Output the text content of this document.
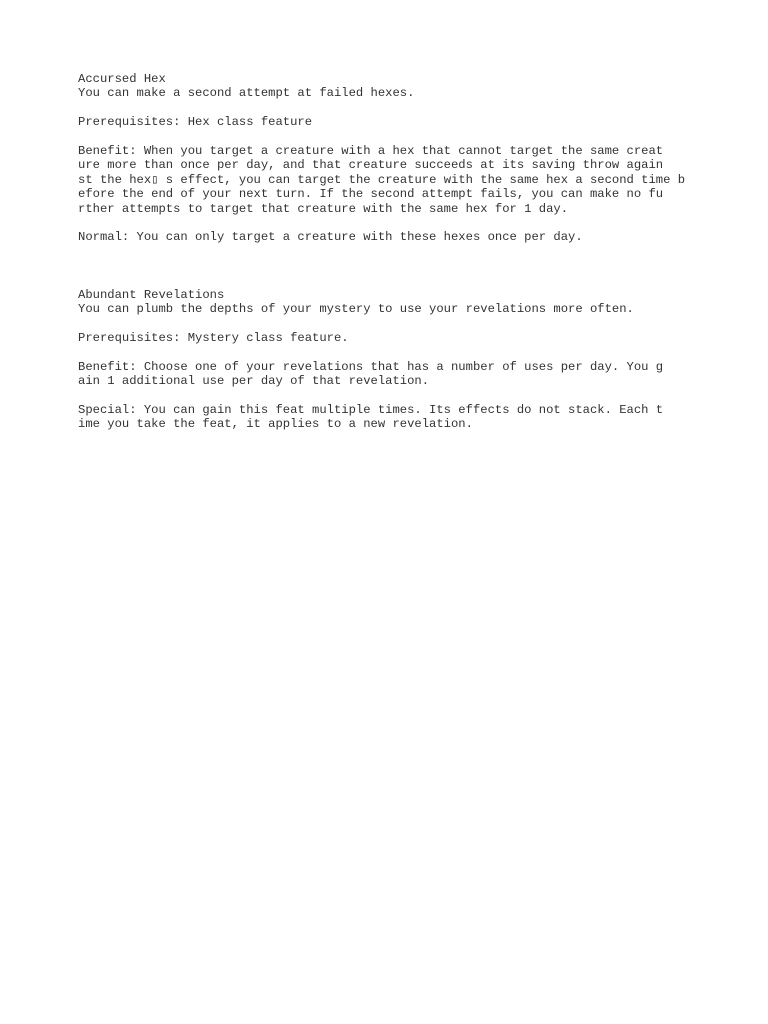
Accursed Hex
You can make a second attempt at failed hexes.
Prerequisites: Hex class feature
Benefit: When you target a creature with a hex that cannot target the same creat
ure more than once per day, and that creature succeeds at its saving throw again
st the hex▯ s effect, you can target the creature with the same hex a second time b
efore the end of your next turn. If the second attempt fails, you can make no fu
rther attempts to target that creature with the same hex for 1 day.
Normal: You can only target a creature with these hexes once per day.
Abundant Revelations
You can plumb the depths of your mystery to use your revelations more often.
Prerequisites: Mystery class feature.
Benefit: Choose one of your revelations that has a number of uses per day. You g
ain 1 additional use per day of that revelation.
Special: You can gain this feat multiple times. Its effects do not stack. Each t
ime you take the feat, it applies to a new revelation.
